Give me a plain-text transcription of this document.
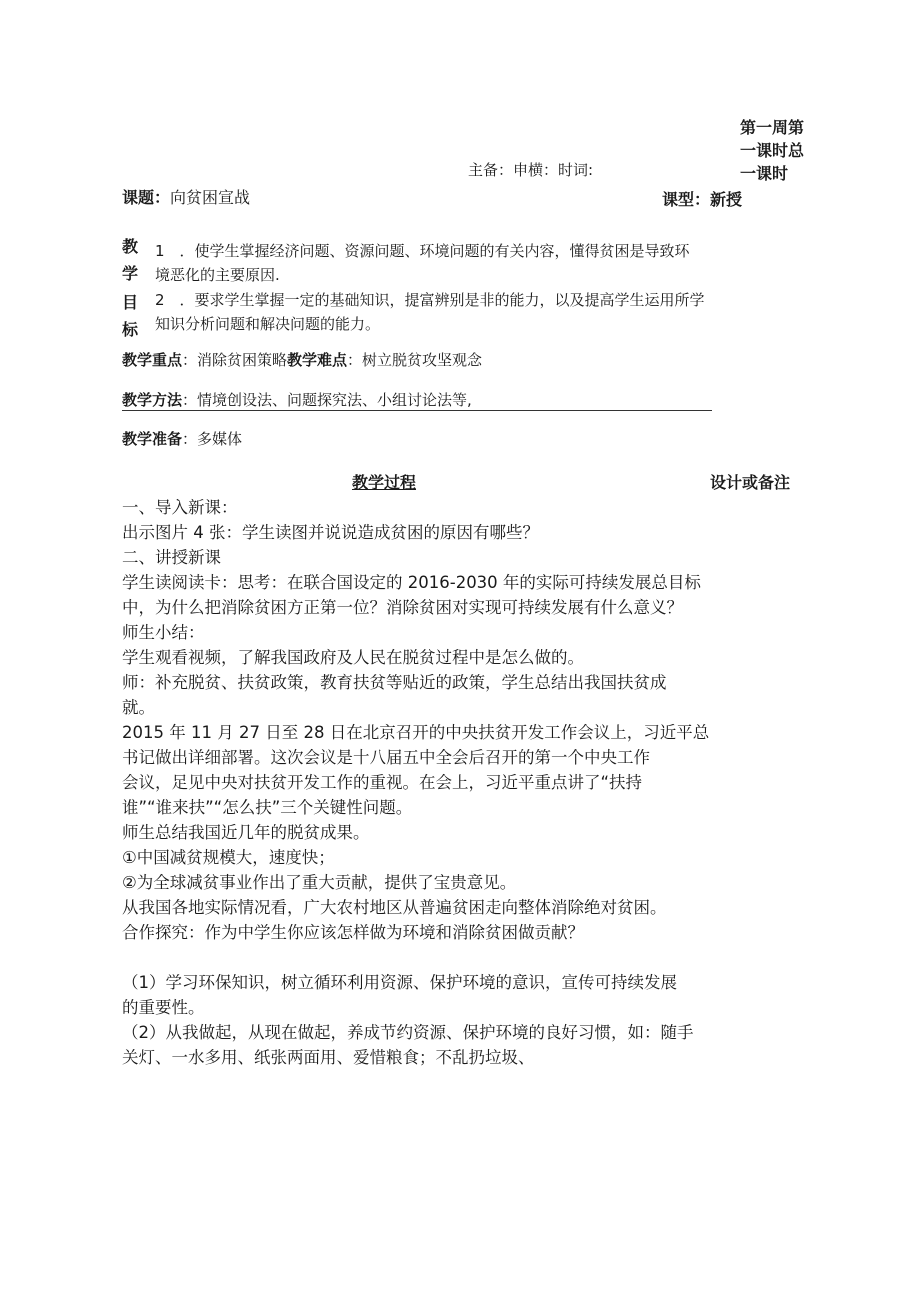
第一周第
一课时总
一课时
主备：申横：时词:
课题：向贫困宣战	课型：新授
教
学
目
标
1　．使学生掌握经济问题、资源问题、环境问题的有关内容，懂得贫困是导致环
境恶化的主要原因.
2　．要求学生掌握一定的基础知识，提富辨别是非的能力，以及提高学生运用所学
知识分析问题和解决问题的能力。
教学重点：消除贫困策略教学难点：树立脱贫攻坚观念
教学方法：情境创设法、问题探究法、小组讨论法等,
教学准备：多媒体
教学过程	设计或备注
一、导入新课：
出示图片 4 张：学生读图并说说造成贫困的原因有哪些？
二、讲授新课
学生读阅读卡：思考：在联合国设定的 2016-2030 年的实际可持续发展总目标
中，为什么把消除贫困方正第一位？消除贫困对实现可持续发展有什么意义？
师生小结：
学生观看视频，了解我国政府及人民在脱贫过程中是怎么做的。
师：补充脱贫、扶贫政策，教育扶贫等贴近的政策，学生总结出我国扶贫成
就。
2015 年 11 月 27 日至 28 日在北京召开的中央扶贫开发工作会议上，习近平总
书记做出详细部署。这次会议是十八届五中全会后召开的第一个中央工作
会议，足见中央对扶贫开发工作的重视。在会上，习近平重点讲了“扶持
谁”“谁来扶”“怎么扶”三个关键性问题。
师生总结我国近几年的脱贫成果。
①中国减贫规模大，速度快；
②为全球减贫事业作出了重大贡献，提供了宝贵意见。
从我国各地实际情况看，广大农村地区从普遍贫困走向整体消除绝对贫困。
合作探究：作为中学生你应该怎样做为环境和消除贫困做贡献？
（1）学习环保知识，树立循环利用资源、保护环境的意识，宣传可持续发展
的重要性。
（2）从我做起，从现在做起，养成节约资源、保护环境的良好习惯，如：随手
关灯、一水多用、纸张两面用、爱惜粮食；不乱扔垃圾、
